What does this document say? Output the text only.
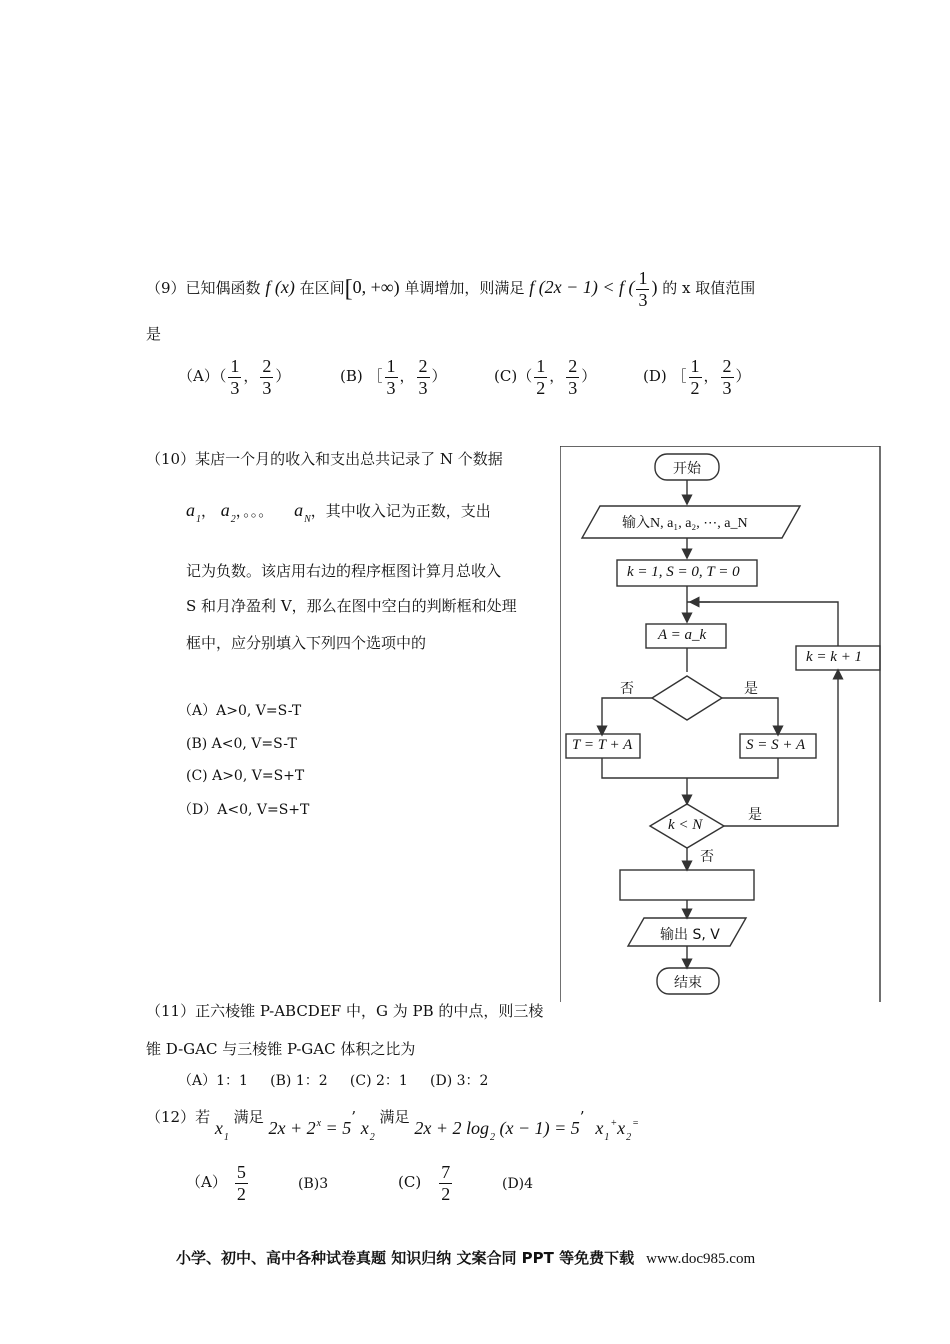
（9）已知偶函数 f (x) 在区间[0, +∞) 单调增加，则满足 f (2x − 1) < f ( $\frac{1}{3}$ ) 的 x 取值范围
是
$(A)( \frac{1}{3}$ ， $\frac{2}{3}$ ）	(B) ［ $\frac{1}{3}$ ， $\frac{2}{3}$ ）	$(C)( \frac{1}{2}$ ， $\frac{2}{3}$ ）	(D) ［ $\frac{1}{2}$ ， $\frac{2}{3}$ ）
（10）某店一个月的收入和支出总共记录了 N 个数据
$a_1$， $a_2$，。。。 $a_N$，其中收入记为正数，支出
记为负数。该店用右边的程序框图计算月总收入
S 和月净盈利 V，那么在图中空白的判断框和处理
框中，应分别填入下列四个选项中的
（A）A>0, V=S-T
(B) A<0, V=S-T
(C) A>0, V=S+T
（D）A<0, V=S+T
开始
输入N, a₁, a₂, ⋯, a_N
k = 1, S = 0, T = 0
A = a_k
否	是
T = T + A	S = S + A
k = k + 1
k < N
是
否
输出 S, V
结束
（11）正六棱锥 P-ABCDEF 中，G 为 PB 的中点，则三棱
锥 D-GAC 与三棱锥 P-GAC 体积之比为
（A）1：1     (B) 1：2     (C) 2：1     (D) 3：2
（12）若 $x_1$ 满足 $2x + 2^x = 5$’ $x_2$ 满足 2x + 2 $\log_2 (x - 1) = 5$’ $x_1^+x_2^=$
$(A) \frac{5}{2}$	(B)3	$(C) \frac{7}{2}$	(D)4
小学、初中、高中各种试卷真题 知识归纳 文案合同 PPT 等免费下载 www.doc985.com
